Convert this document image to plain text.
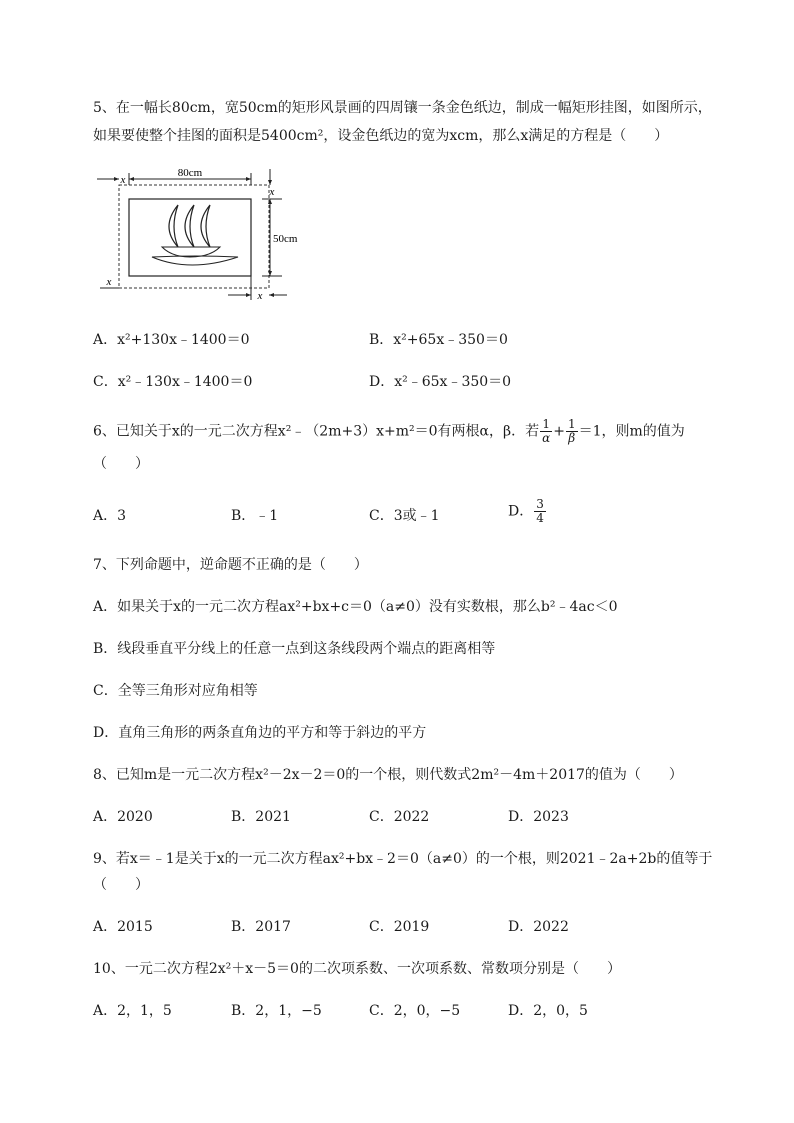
5、在一幅长80cm，宽50cm的矩形风景画的四周镶一条金色纸边，制成一幅矩形挂图，如图所示，
如果要使整个挂图的面积是5400cm²，设金色纸边的宽为xcm，那么x满足的方程是（　　）
x
80cm
x
50cm
x
x
A．x²+130x﹣1400＝0	B．x²+65x﹣350＝0
C．x²﹣130x﹣1400＝0	D．x²﹣65x﹣350＝0
6、已知关于x的一元二次方程x²﹣（2m+3）x+m²＝0有两根α，β．若 $\frac{1}{\alpha} + \frac{1}{\beta} =1$，则m的值为
（　　）
A．3	B．﹣1	C．3或﹣1	D． $\frac{3}{4}$
7、下列命题中，逆命题不正确的是（　　）
A．如果关于x的一元二次方程ax²+bx+c＝0（a≠0）没有实数根，那么b²﹣4ac＜0
B．线段垂直平分线上的任意一点到这条线段两个端点的距离相等
C．全等三角形对应角相等
D．直角三角形的两条直角边的平方和等于斜边的平方
8、已知m是一元二次方程x²－2x－2＝0的一个根，则代数式2m²－4m＋2017的值为（　　）
A．2020	B．2021	C．2022	D．2023
9、若x＝﹣1是关于x的一元二次方程ax²+bx﹣2＝0（a≠0）的一个根，则2021﹣2a+2b的值等于
（　　）
A．2015	B．2017	C．2019	D．2022
10、一元二次方程2x²＋x－5＝0的二次项系数、一次项系数、常数项分别是（　　）
A．2，1，5	B．2，1，−5	C．2，0，−5	D．2，0，5
